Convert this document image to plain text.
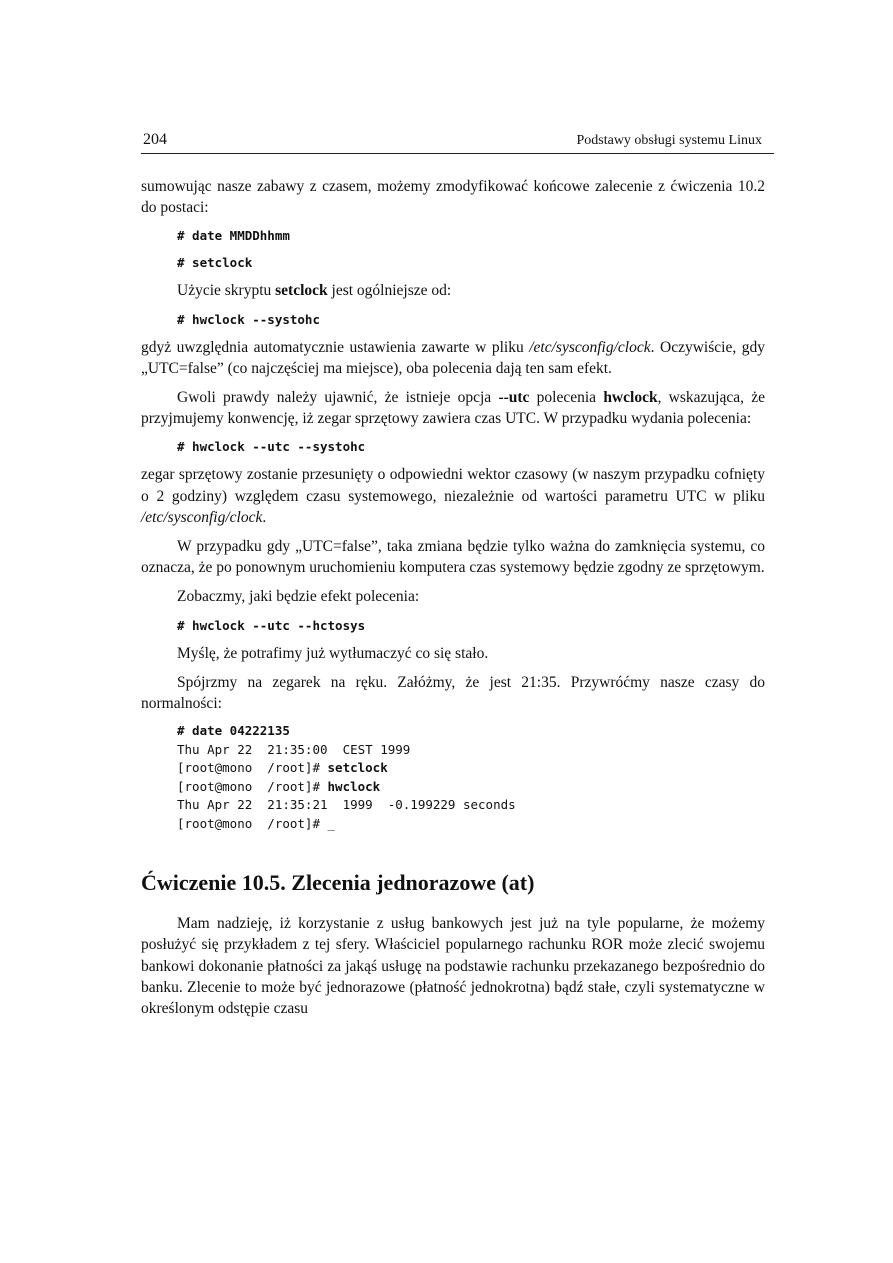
204	Podstawy obsługi systemu Linux

sumowując nasze zabawy z czasem, możemy zmodyfikować końcowe zalecenie z ćwiczenia 10.2 do postaci:

# date MMDDhhmm
# setclock

Użycie skryptu setclock jest ogólniejsze od:

# hwclock --systohc

gdyż uwzględnia automatycznie ustawienia zawarte w pliku /etc/sysconfig/clock. Oczywiście, gdy „UTC=false” (co najczęściej ma miejsce), oba polecenia dają ten sam efekt.

Gwoli prawdy należy ujawnić, że istnieje opcja --utc polecenia hwclock, wskazująca, że przyjmujemy konwencję, iż zegar sprzętowy zawiera czas UTC. W przypadku wydania polecenia:

# hwclock --utc --systohc

zegar sprzętowy zostanie przesunięty o odpowiedni wektor czasowy (w naszym przypadku cofnięty o 2 godziny) względem czasu systemowego, niezależnie od wartości parametru UTC w pliku /etc/sysconfig/clock.

W przypadku gdy „UTC=false”, taka zmiana będzie tylko ważna do zamknięcia systemu, co oznacza, że po ponownym uruchomieniu komputera czas systemowy będzie zgodny ze sprzętowym.

Zobaczmy, jaki będzie efekt polecenia:

# hwclock --utc --hctosys

Myślę, że potrafimy już wytłumaczyć co się stało.

Spójrzmy na zegarek na ręku. Załóżmy, że jest 21:35. Przywróćmy nasze czasy do normalności:

# date 04222135
Thu Apr 22  21:35:00  CEST 1999
[root@mono  /root]# setclock
[root@mono  /root]# hwclock
Thu Apr 22  21:35:21  1999  -0.199229 seconds
[root@mono  /root]# _
Ćwiczenie 10.5. Zlecenia jednorazowe (at)

Mam nadzieję, iż korzystanie z usług bankowych jest już na tyle popularne, że możemy posłużyć się przykładem z tej sfery. Właściciel popularnego rachunku ROR może zlecić swojemu bankowi dokonanie płatności za jakąś usługę na podstawie rachunku przekazanego bezpośrednio do banku. Zlecenie to może być jednorazowe (płatność jednokrotna) bądź stałe, czyli systematyczne w określonym odstępie czasu
